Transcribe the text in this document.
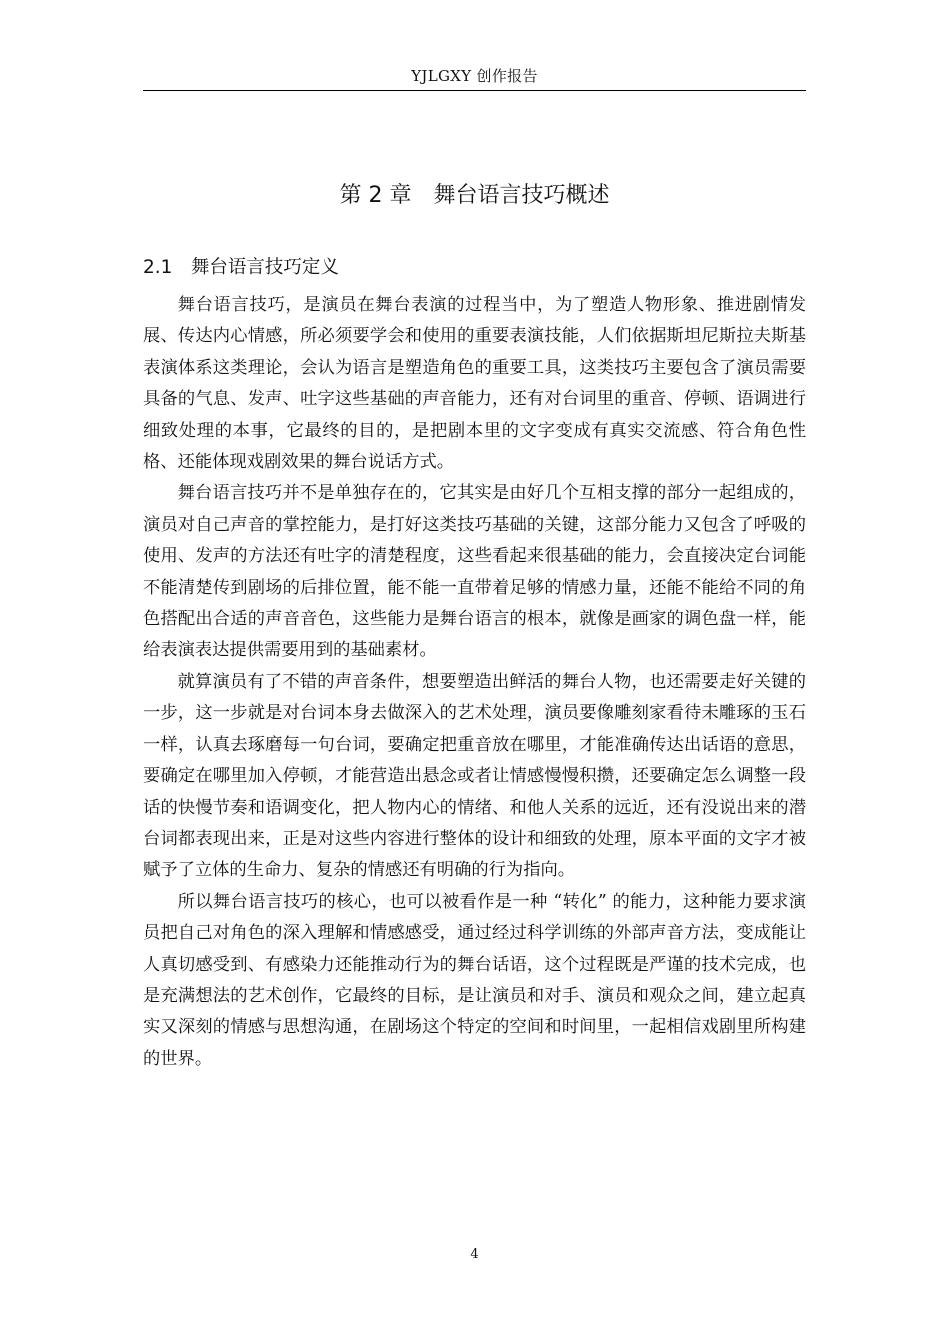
YJLGXY 创作报告
第 2 章　舞台语言技巧概述
2.1　舞台语言技巧定义

舞台语言技巧，是演员在舞台表演的过程当中，为了塑造人物形象、推进剧情发展、传达内心情感，所必须要学会和使用的重要表演技能，人们依据斯坦尼斯拉夫斯基表演体系这类理论，会认为语言是塑造角色的重要工具，这类技巧主要包含了演员需要具备的气息、发声、吐字这些基础的声音能力，还有对台词里的重音、停顿、语调进行细致处理的本事，它最终的目的，是把剧本里的文字变成有真实交流感、符合角色性格、还能体现戏剧效果的舞台说话方式。

舞台语言技巧并不是单独存在的，它其实是由好几个互相支撑的部分一起组成的，演员对自己声音的掌控能力，是打好这类技巧基础的关键，这部分能力又包含了呼吸的使用、发声的方法还有吐字的清楚程度，这些看起来很基础的能力，会直接决定台词能不能清楚传到剧场的后排位置，能不能一直带着足够的情感力量，还能不能给不同的角色搭配出合适的声音音色，这些能力是舞台语言的根本，就像是画家的调色盘一样，能给表演表达提供需要用到的基础素材。

就算演员有了不错的声音条件，想要塑造出鲜活的舞台人物，也还需要走好关键的一步，这一步就是对台词本身去做深入的艺术处理，演员要像雕刻家看待未雕琢的玉石一样，认真去琢磨每一句台词，要确定把重音放在哪里，才能准确传达出话语的意思，要确定在哪里加入停顿，才能营造出悬念或者让情感慢慢积攒，还要确定怎么调整一段话的快慢节奏和语调变化，把人物内心的情绪、和他人关系的远近，还有没说出来的潜台词都表现出来，正是对这些内容进行整体的设计和细致的处理，原本平面的文字才被赋予了立体的生命力、复杂的情感还有明确的行为指向。

所以舞台语言技巧的核心，也可以被看作是一种 “转化” 的能力，这种能力要求演员把自己对角色的深入理解和情感感受，通过经过科学训练的外部声音方法，变成能让人真切感受到、有感染力还能推动行为的舞台话语，这个过程既是严谨的技术完成，也是充满想法的艺术创作，它最终的目标，是让演员和对手、演员和观众之间，建立起真实又深刻的情感与思想沟通，在剧场这个特定的空间和时间里，一起相信戏剧里所构建的世界。

4
